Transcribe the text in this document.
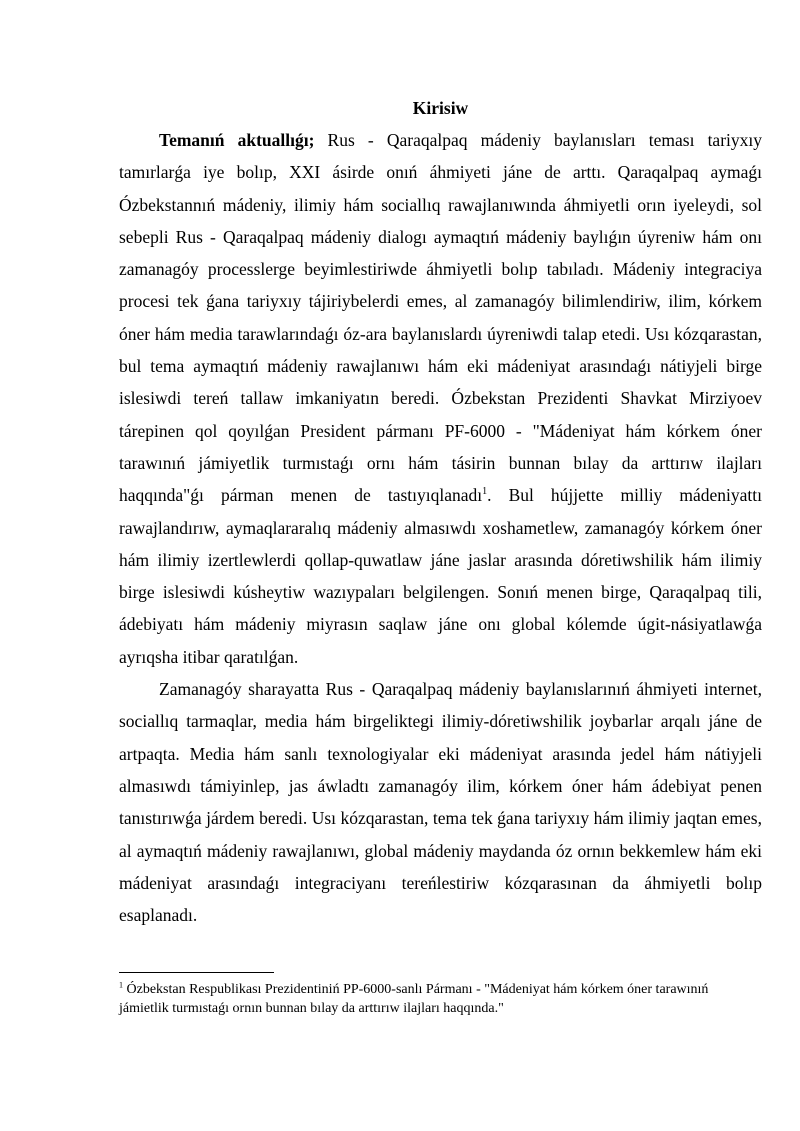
Kirisiw

Temanıń aktuallıǵı; Rus - Qaraqalpaq mádeniy baylanısları teması tariyxıy tamırlarǵa iye bolıp, XXI ásirde onıń áhmiyeti jáne de arttı. Qaraqalpaq aymaǵı Ózbekstannıń mádeniy, ilimiy hám sociallıq rawajlanıwında áhmiyetli orın iyeleydi, sol sebepli Rus - Qaraqalpaq mádeniy dialogı aymaqtıń mádeniy baylıǵın úyreniw hám onı zamanagóy processlerge beyimlestiriwde áhmiyetli bolıp tabıladı. Mádeniy integraciya procesi tek ǵana tariyxıy tájiriybelerdi emes, al zamanagóy bilimlendiriw, ilim, kórkem óner hám media tarawlarındaǵı óz-ara baylanıslardı úyreniwdi talap etedi. Usı kózqarastan, bul tema aymaqtıń mádeniy rawajlanıwı hám eki mádeniyat arasındaǵı nátiyjeli birge islesiwdi tereń tallaw imkaniyatın beredi. Ózbekstan Prezidenti Shavkat Mirziyoev tárepinen qol qoyılǵan President pármanı PF-6000 - "Mádeniyat hám kórkem óner tarawınıń jámiyetlik turmıstaǵı ornı hám tásirin bunnan bılay da arttırıw ilajları haqqında"ǵı párman menen de tastıyıqlanadı$^1$. Bul hújjette milliy mádeniyattı rawajlandırıw, aymaqlararalıq mádeniy almasıwdı xoshametlew, zamanagóy kórkem óner hám ilimiy izertlewlerdi qollap-quwatlaw jáne jaslar arasında dóretiwshilik hám ilimiy birge islesiwdi kúsheytiw wazıypaları belgilengen. Sonıń menen birge, Qaraqalpaq tili, ádebiyatı hám mádeniy miyrasın saqlaw jáne onı global kólemde úgit-násiyatlawǵa ayrıqsha itibar qaratılǵan.

Zamanagóy sharayatta Rus - Qaraqalpaq mádeniy baylanıslarınıń áhmiyeti internet, sociallıq tarmaqlar, media hám birgeliktegi ilimiy-dóretiwshilik joybarlar arqalı jáne de artpaqta. Media hám sanlı texnologiyalar eki mádeniyat arasında jedel hám nátiyjeli almasıwdı támiyinlep, jas áwladtı zamanagóy ilim, kórkem óner hám ádebiyat penen tanıstırıwǵa járdem beredi. Usı kózqarastan, tema tek ǵana tariyxıy hám ilimiy jaqtan emes, al aymaqtıń mádeniy rawajlanıwı, global mádeniy maydanda óz ornın bekkemlew hám eki mádeniyat arasındaǵı integraciyanı tereńlestiriw kózqarasınan da áhmiyetli bolıp esaplanadı.

$^1$ Ózbekstan Respublikası Prezidentiniń PP-6000-sanlı Pármanı - "Mádeniyat hám kórkem óner tarawınıń jámietlik turmıstaǵı ornın bunnan bılay da arttırıw ilajları haqqında."
